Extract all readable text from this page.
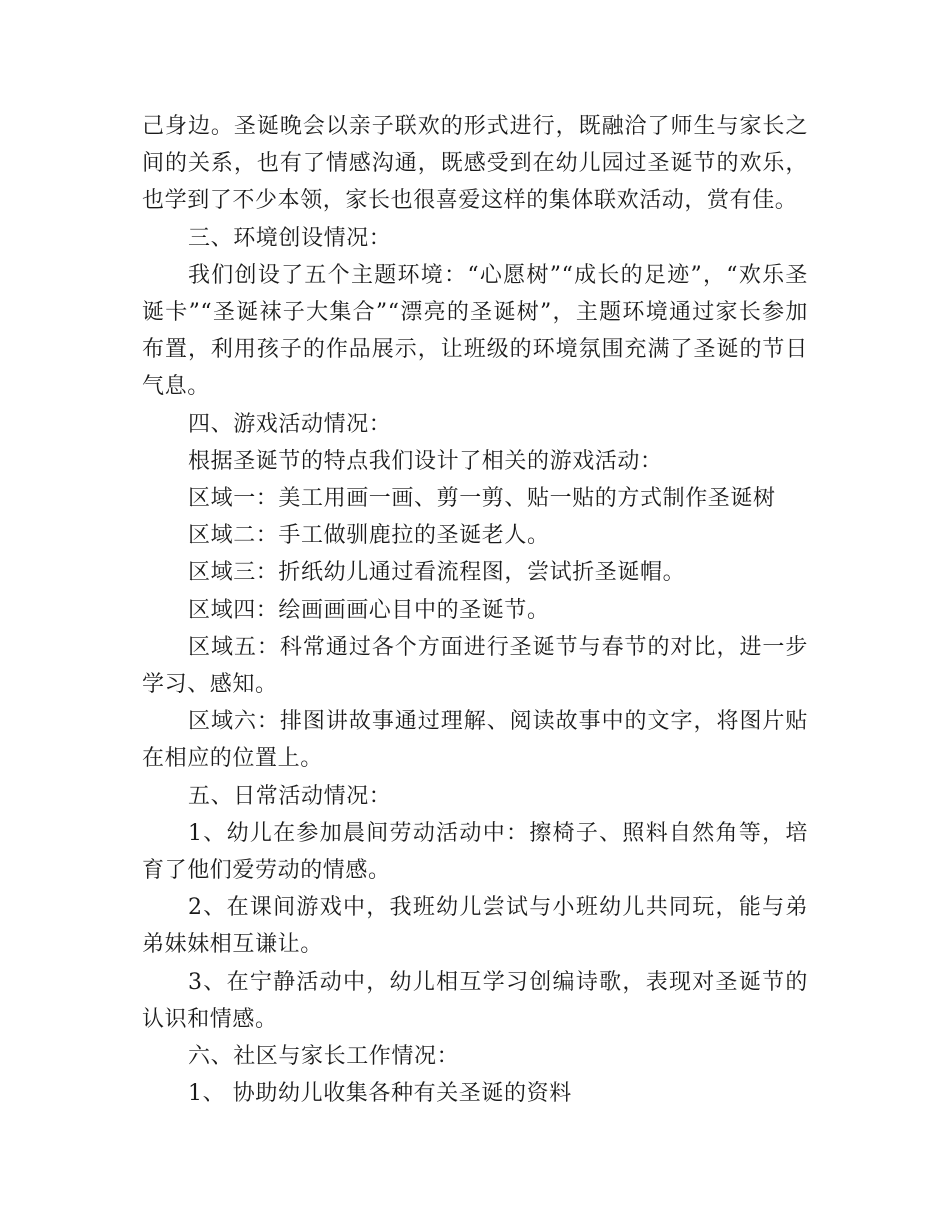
己身边。圣诞晚会以亲子联欢的形式进行，既融洽了师生与家长之间的关系，也有了情感沟通，既感受到在幼儿园过圣诞节的欢乐，也学到了不少本领，家长也很喜爱这样的集体联欢活动，赏有佳。

三、环境创设情况：

我们创设了五个主题环境：“心愿树”“成长的足迹”，“欢乐圣诞卡”“圣诞袜子大集合”“漂亮的圣诞树”，主题环境通过家长参加布置，利用孩子的作品展示，让班级的环境氛围充满了圣诞的节日气息。

四、游戏活动情况：

根据圣诞节的特点我们设计了相关的游戏活动：

区域一：美工用画一画、剪一剪、贴一贴的方式制作圣诞树

区域二：手工做驯鹿拉的圣诞老人。

区域三：折纸幼儿通过看流程图，尝试折圣诞帽。

区域四：绘画画画心目中的圣诞节。

区域五：科常通过各个方面进行圣诞节与春节的对比，进一步学习、感知。

区域六：排图讲故事通过理解、阅读故事中的文字，将图片贴在相应的位置上。

五、日常活动情况：

1、幼儿在参加晨间劳动活动中：擦椅子、照料自然角等，培育了他们爱劳动的情感。

2、在课间游戏中，我班幼儿尝试与小班幼儿共同玩，能与弟弟妹妹相互谦让。

3、在宁静活动中，幼儿相互学习创编诗歌，表现对圣诞节的认识和情感。

六、社区与家长工作情况：

1、 协助幼儿收集各种有关圣诞的资料
